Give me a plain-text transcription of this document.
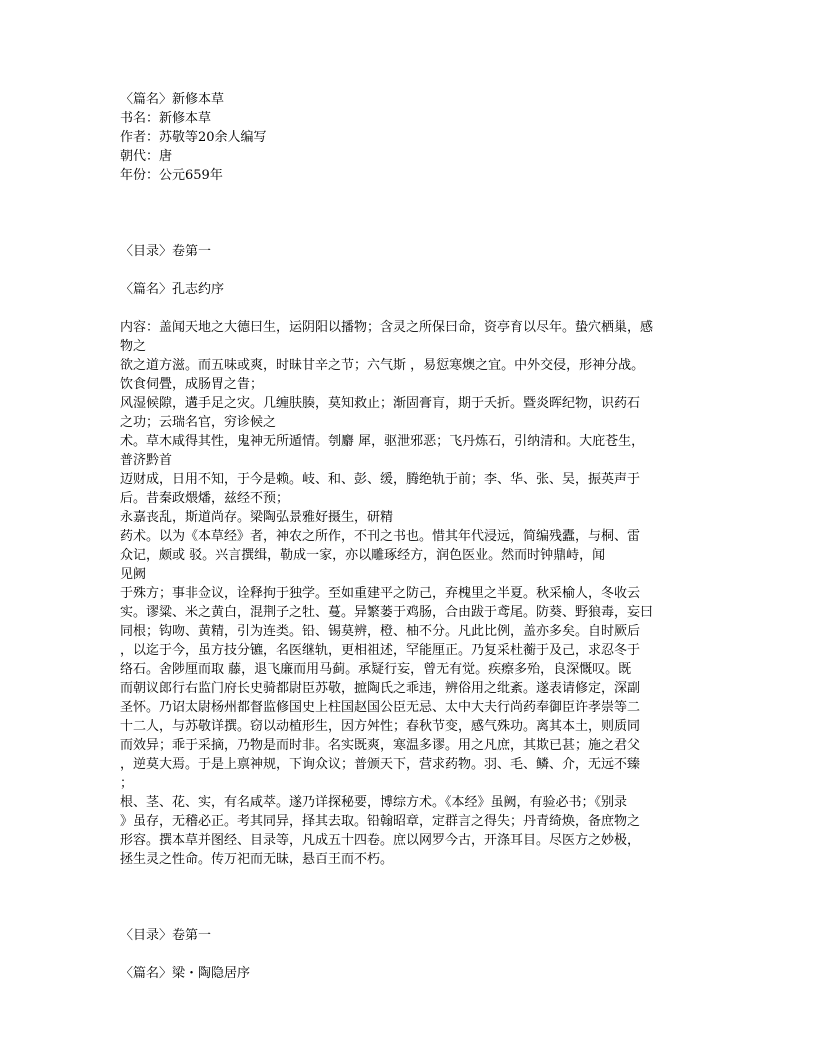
〈篇名〉新修本草
书名：新修本草
作者：苏敬等20余人编写
朝代：唐
年份：公元659年
〈目录〉卷第一
〈篇名〉孔志约序
内容：盖闻天地之大德曰生，运阴阳以播物；含灵之所保曰命，资亭育以尽年。蛰穴栖巢，感
物之
欲之道方滋。而五味或爽，时昧甘辛之节；六气斯 ，易愆寒燠之宜。中外交侵，形神分战。
饮食伺舋，成肠胃之眚；
风湿候隙，遘手足之灾。几缠肤腠，莫知救止；渐固膏肓，期于夭折。暨炎晖纪物，识药石
之功；云瑞名官，穷诊候之
术。草木咸得其性，鬼神无所遁情。刳麝 犀，驱泄邪恶；飞丹炼石，引纳清和。大庇苍生，
普济黔首
迈财成，日用不知，于今是赖。岐、和、彭、缓，腾绝轨于前；李、华、张、吴，振英声于
后。昔秦政煨燔，兹经不预；
永嘉丧乱，斯道尚存。梁陶弘景雅好摄生，研精
药术。以为《本草经》者，神农之所作，不刊之书也。惜其年代浸远，简编残蠹，与桐、雷
众记，颇或 驳。兴言撰缉，勒成一家，亦以雕琢经方，润色医业。然而时钟鼎峙，闻
见阙
于殊方；事非佥议，诠释拘于独学。至如重建平之防己，弃槐里之半夏。秋采榆人，冬收云
实。谬粱、米之黄白，混荆子之牡、蔓。异繁蒌于鸡肠，合由跋于鸢尾。防葵、野狼毒，妄曰
同根；钩吻、黄精，引为连类。铅、锡莫辨，橙、柚不分。凡此比例，盖亦多矣。自时厥后
，以迄于今，虽方技分镳，名医继轨，更相祖述，罕能厘正。乃复采杜蘅于及己，求忍冬于
络石。舍陟厘而取 藤，退飞廉而用马蓟。承疑行妄，曾无有觉。疾瘵多殆，良深慨叹。既
而朝议郎行右监门府长史骑都尉臣苏敬，摭陶氏之乖违，辨俗用之纰紊。遂表请修定，深副
圣怀。乃诏太尉杨州都督监修国史上柱国赵国公臣无忌、太中大夫行尚药奉御臣许孝崇等二
十二人，与苏敬详撰。窃以动植形生，因方舛性；春秋节变，感气殊功。离其本土，则质同
而效异；乖于采摘，乃物是而时非。名实既爽，寒温多谬。用之凡庶，其欺已甚；施之君父
，逆莫大焉。于是上禀神规，下询众议；普颁天下，营求药物。羽、毛、鳞、介，无远不臻
；
根、茎、花、实，有名咸萃。遂乃详探秘要，博综方术。《本经》虽阙，有验必书；《别录
》虽存，无稽必正。考其同异，择其去取。铅翰昭章，定群言之得失；丹青绮焕，备庶物之
形容。撰本草并图经、目录等，凡成五十四卷。庶以网罗今古，开涤耳目。尽医方之妙极，
拯生灵之性命。传万祀而无昧，悬百王而不朽。
〈目录〉卷第一
〈篇名〉梁・陶隐居序
